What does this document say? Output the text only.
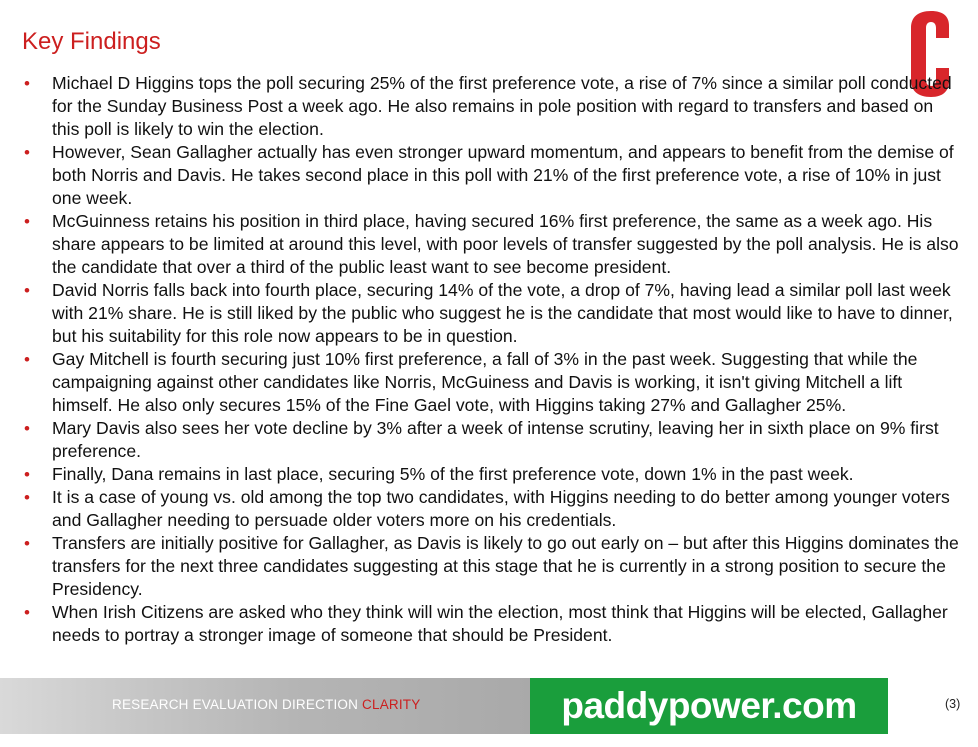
Key Findings
• Michael D Higgins tops the poll securing 25% of the first preference vote, a rise of 7% since a similar poll conducted for the Sunday Business Post a week ago. He also remains in pole position with regard to transfers and based on this poll is likely to win the election.
• However, Sean Gallagher actually has even stronger upward momentum, and appears to benefit from the demise of both Norris and Davis. He takes second place in this poll with 21% of the first preference vote, a rise of 10% in just one week.
• McGuinness retains his position in third place, having secured 16% first preference, the same as a week ago. His share appears to be limited at around this level, with poor levels of transfer suggested by the poll analysis. He is also the candidate that over a third of the public least want to see become president.
• David Norris falls back into fourth place, securing 14% of the vote, a drop of 7%, having lead a similar poll last week with 21% share. He is still liked by the public who suggest he is the candidate that most would like to have to dinner, but his suitability for this role now appears to be in question.
• Gay Mitchell is fourth securing just 10% first preference, a fall of 3% in the past week. Suggesting that while the campaigning against other candidates like Norris, McGuiness and Davis is working, it isn't giving Mitchell a lift himself. He also only secures 15% of the Fine Gael vote, with Higgins taking 27% and Gallagher 25%.
• Mary Davis also sees her vote decline by 3% after a week of intense scrutiny, leaving her in sixth place on 9% first preference.
• Finally, Dana remains in last place, securing 5% of the first preference vote, down 1% in the past week.
• It is a case of young vs. old among the top two candidates, with Higgins needing to do better among younger voters and Gallagher needing to persuade older voters more on his credentials.
• Transfers are initially positive for Gallagher, as Davis is likely to go out early on – but after this Higgins dominates the transfers for the next three candidates suggesting at this stage that he is currently in a strong position to secure the Presidency.
• When Irish Citizens are asked who they think will win the election, most think that Higgins will be elected, Gallagher needs to portray a stronger image of someone that should be President.
RESEARCH EVALUATION DIRECTION CLARITY	paddypower.com	(3)
